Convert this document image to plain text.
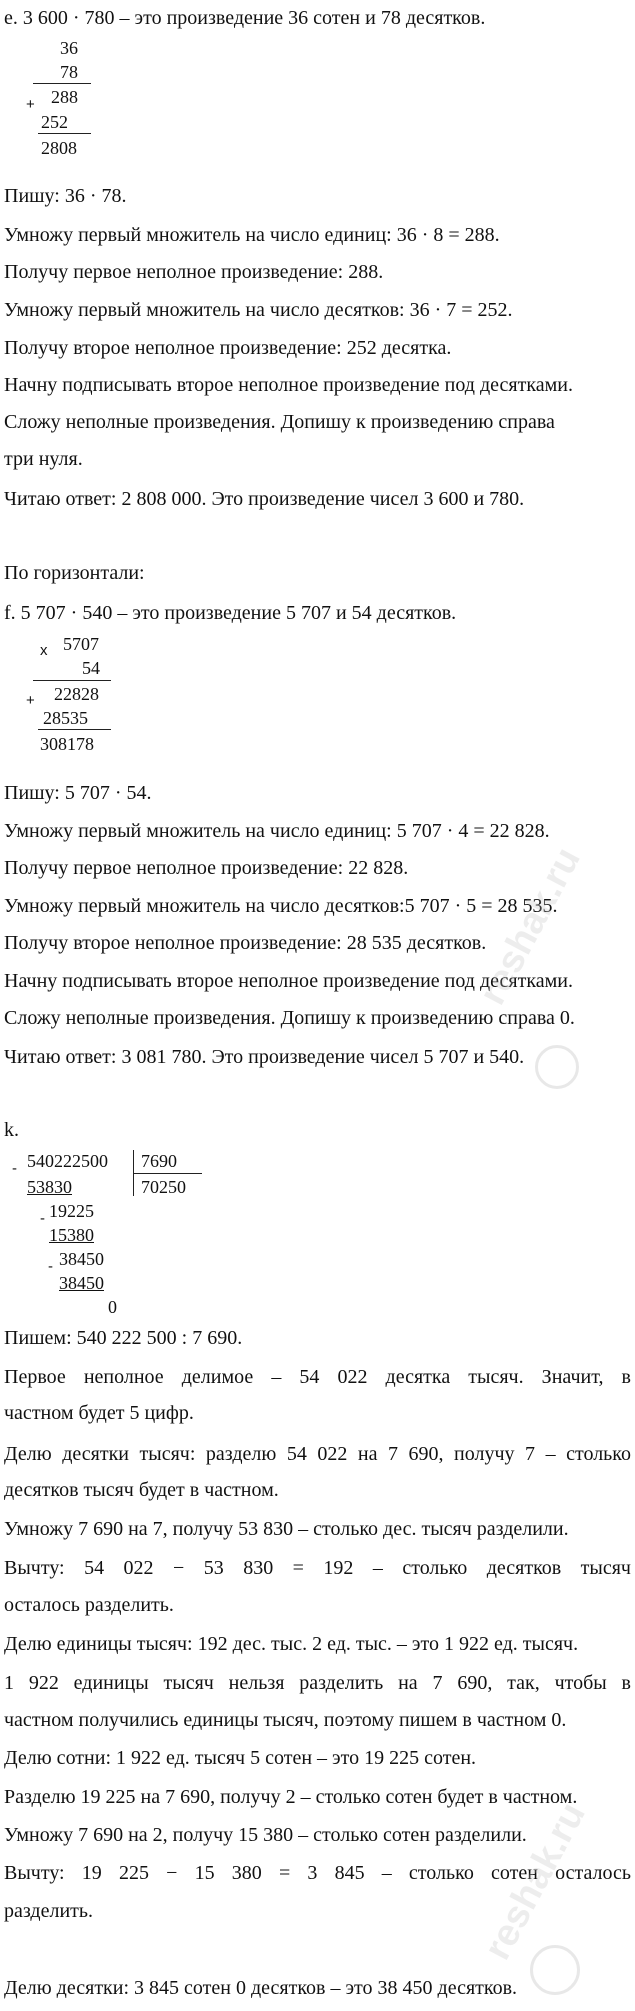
е. 3 600 · 780 – это произведение 36 сотен и 78 десятков.
36
78
+ 288
252
2808
Пишу: 36 · 78.
Умножу первый множитель на число единиц: 36 · 8 = 288.
Получу первое неполное произведение: 288.
Умножу первый множитель на число десятков: 36 · 7 = 252.
Получу второе неполное произведение: 252 десятка.
Начну подписывать второе неполное произведение под десятками.
Сложу неполные произведения. Допишу к произведению справа
три нуля.
Читаю ответ: 2 808 000. Это произведение чисел 3 600 и 780.
По горизонтали:
f. 5 707 · 540 – это произведение 5 707 и 54 десятков.
x 5707
54
+ 22828
28535
308178
Пишу: 5 707 · 54.
Умножу первый множитель на число единиц: 5 707 · 4 = 22 828.
Получу первое неполное произведение: 22 828.
Умножу первый множитель на число десятков:5 707 · 5 = 28 535.
Получу второе неполное произведение: 28 535 десятков.
Начну подписывать второе неполное произведение под десятками.
Сложу неполные произведения. Допишу к произведению справа 0.
Читаю ответ: 3 081 780. Это произведение чисел 5 707 и 540.
k.
- 540222500 7690
70250
53830
- 19225
15380
- 38450
38450
0
Пишем: 540 222 500 : 7 690.
Первое неполное делимое – 54 022 десятка тысяч. Значит, в
частном будет 5 цифр.
Делю десятки тысяч: разделю 54 022 на 7 690, получу 7 – столько
десятков тысяч будет в частном.
Умножу 7 690 на 7, получу 53 830 – столько дес. тысяч разделили.
Вычту: 54 022 − 53 830 = 192 – столько десятков тысяч
осталось разделить.
Делю единицы тысяч: 192 дес. тыс. 2 ед. тыс. – это 1 922 ед. тысяч.
1 922 единицы тысяч нельзя разделить на 7 690, так, чтобы в
частном получились единицы тысяч, поэтому пишем в частном 0.
Делю сотни: 1 922 ед. тысяч 5 сотен – это 19 225 сотен.
Разделю 19 225 на 7 690, получу 2 – столько сотен будет в частном.
Умножу 7 690 на 2, получу 15 380 – столько сотен разделили.
Вычту: 19 225 − 15 380 = 3 845 – столько сотен осталось
разделить.
Делю десятки: 3 845 сотен 0 десятков – это 38 450 десятков.
reshak.ru
reshak.ru
